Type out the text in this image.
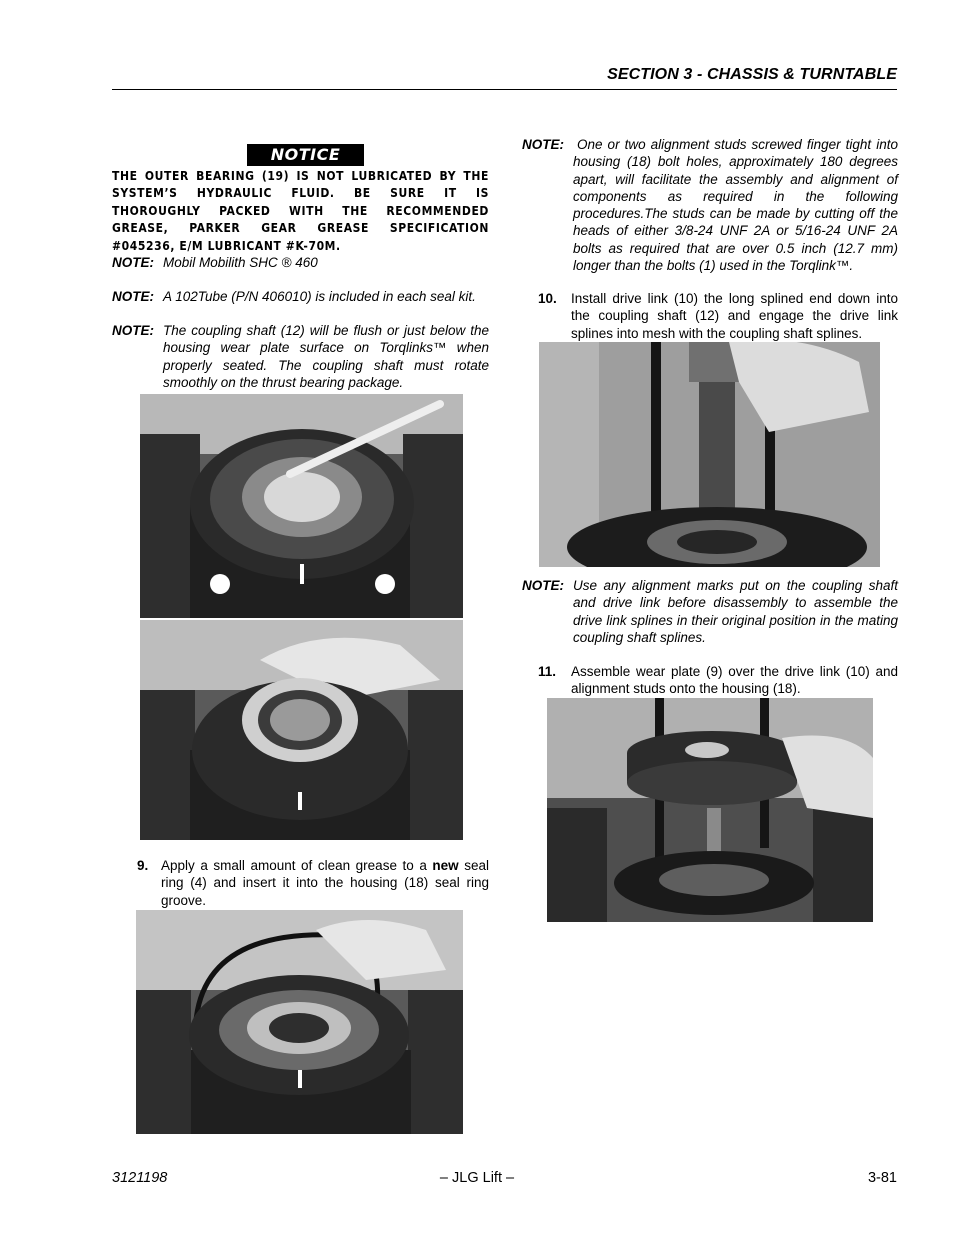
SECTION 3 - CHASSIS & TURNTABLE
NOTICE
THE OUTER BEARING (19) IS NOT LUBRICATED BY THE SYSTEM’S HYDRAULIC FLUID. BE SURE IT IS THOROUGHLY PACKED WITH THE RECOMMENDED GREASE, PARKER GEAR GREASE SPECIFICATION #045236, E/M LUBRICANT #K-70M.
NOTE: Mobil Mobilith SHC ® 460
NOTE: A 102Tube (P/N 406010) is included in each seal kit.
NOTE: The coupling shaft (12) will be flush or just below the housing wear plate surface on Torqlinks™ when properly seated. The coupling shaft must rotate smoothly on the thrust bearing package.
9. Apply a small amount of clean grease to a new seal ring (4) and insert it into the housing (18) seal ring groove.
NOTE: One or two alignment studs screwed finger tight into housing (18) bolt holes, approximately 180 degrees apart, will facilitate the assembly and alignment of components as required in the following procedures.The studs can be made by cutting off the heads of either 3/8-24 UNF 2A or 5/16-24 UNF 2A bolts as required that are over 0.5 inch (12.7 mm) longer than the bolts (1) used in the Torqlink™.
10. Install drive link (10) the long splined end down into the coupling shaft (12) and engage the drive link splines into mesh with the coupling shaft splines.
NOTE: Use any alignment marks put on the coupling shaft and drive link before disassembly to assemble the drive link splines in their original position in the mating coupling shaft splines.
11. Assemble wear plate (9) over the drive link (10) and alignment studs onto the housing (18).
3121198	– JLG Lift –	3-81
